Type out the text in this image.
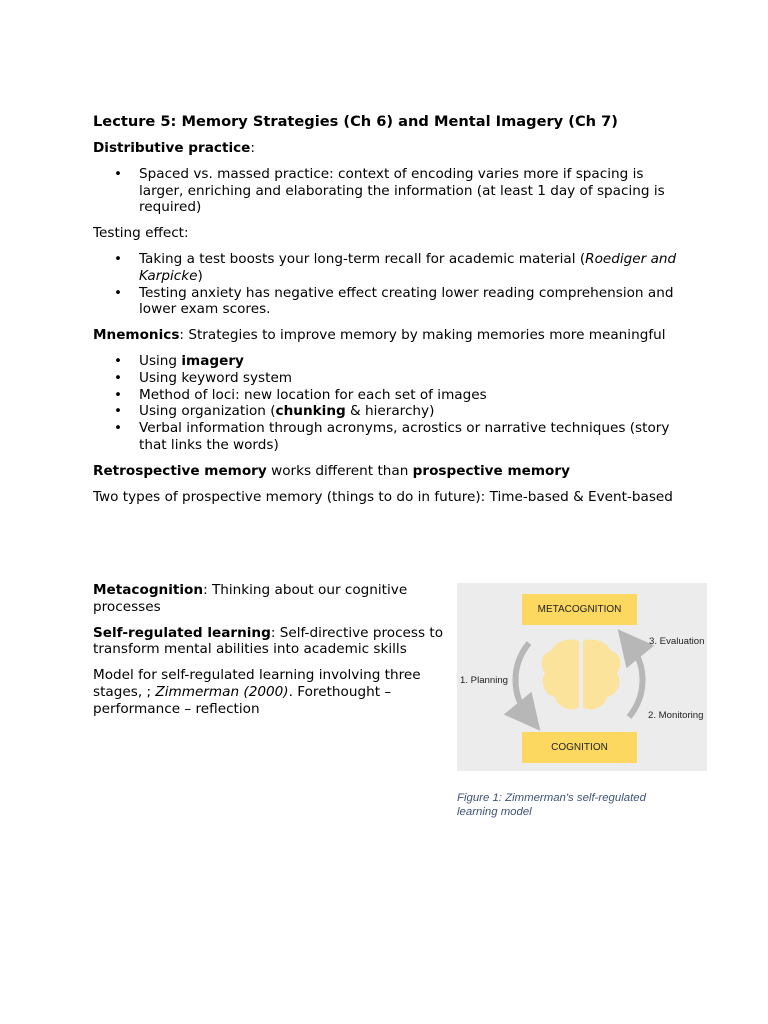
Lecture 5: Memory Strategies (Ch 6) and Mental Imagery (Ch 7)

Distributive practice:

• Spaced vs. massed practice: context of encoding varies more if spacing is larger, enriching and elaborating the information (at least 1 day of spacing is required)

Testing effect:

• Taking a test boosts your long-term recall for academic material (Roediger and Karpicke)
• Testing anxiety has negative effect creating lower reading comprehension and lower exam scores.

Mnemonics: Strategies to improve memory by making memories more meaningful

• Using imagery
• Using keyword system
• Method of loci: new location for each set of images
• Using organization (chunking & hierarchy)
• Verbal information through acronyms, acrostics or narrative techniques (story that links the words)

Retrospective memory works different than prospective memory

Two types of prospective memory (things to do in future): Time-based & Event-based

Metacognition: Thinking about our cognitive processes

Self-regulated learning: Self-directive process to transform mental abilities into academic skills

Model for self-regulated learning involving three stages, ; Zimmerman (2000). Forethought – performance – reflection

METACOGNITION
COGNITION
1. Planning
3. Evaluation
2. Monitoring
Figure 1: Zimmerman's self-regulated learning model
